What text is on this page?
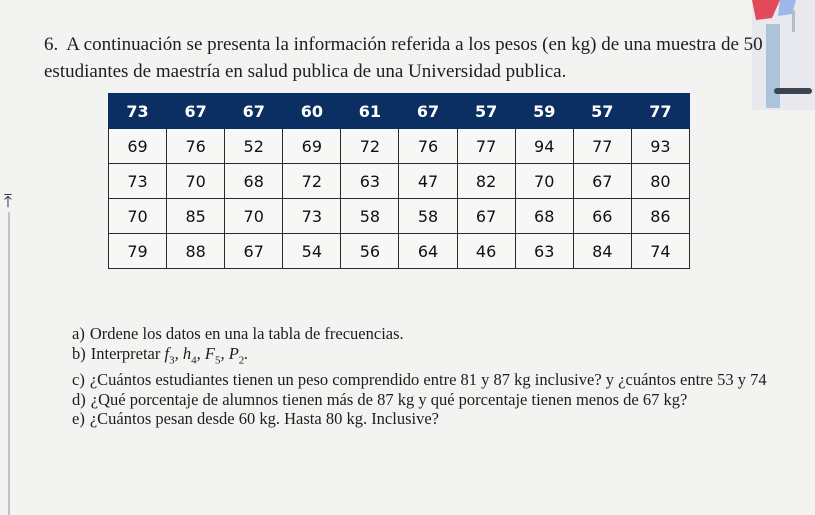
6. A continuación se presenta la información referida a los pesos (en kg) de una muestra de 50 estudiantes de maestría en salud publica de una Universidad publica.
⤒
73	67	67	60	61	67	57	59	57	77
69	76	52	69	72	76	77	94	77	93
73	70	68	72	63	47	82	70	67	80
70	85	70	73	58	58	67	68	66	86
79	88	67	54	56	64	46	63	84	74
a) Ordene los datos en una la tabla de frecuencias.
b) Interpretar $f_3$, $h_4$, $F_5$, $P_2$.
c) ¿Cuántos estudiantes tienen un peso comprendido entre 81 y 87 kg inclusive? y ¿cuántos entre 53 y 74
d) ¿Qué porcentaje de alumnos tienen más de 87 kg y qué porcentaje tienen menos de 67 kg?
e) ¿Cuántos pesan desde 60 kg. Hasta 80 kg. Inclusive?
